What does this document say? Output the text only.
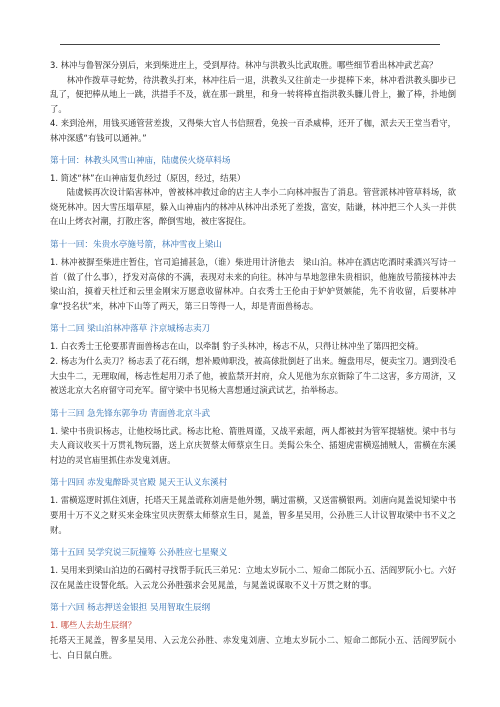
3. 林冲与鲁智深分别后，来到柴进庄上，受到厚待。林冲与洪教头比武取胜。哪些细节看出林冲武艺高？

林冲作拨草寻蛇势，待洪教头打来，林冲往后一退，洪教头又往前走一步提棒下来，林冲看洪教头脚步已乱了，便把棒从地上一跳，洪措手不及，就在那一跳里，和身一转将棒直指洪教头臁儿骨上，撇了棒，扑地倒了。

4. 来到沧州，用钱买通管营差拨，又得柴大官人书信照看，免挨一百杀威棒，还开了枷，派去天王堂当看守，林冲深感“有钱可以通神。”

第十回：林教头风雪山神庙，陆虞侯火烧草料场

1. 简述“林”在山神庙复仇经过（原因，经过，结果）

陆虞候再次设计陷害林冲，曾被林冲救过命的店主人李小二向林冲报告了消息。管营派林冲管草料场，欲烧死林冲。因大雪压塌草屋，躲入山神庙内的林冲从林冲出杀死了差拨，富安，陆谦，林冲把三个人头一并供在山上烤衣衬潮，打散庄客，醉倒雪地，被庄客捉住。

第十一回：朱贵水亭施号箭，林冲雪夜上梁山

1. 林冲被摒至柴进庄暂住，官司追捕甚急，（谁）柴进用计济他去　梁山泊。林冲在酒店吃酒时乘酒兴写诗一首（做了什么事），抒发对高俅的不满，表现对未来的向往。林冲与旱地忽律朱贵相识，他施放号箭接林冲去梁山泊，摸着天杜迁和云里金刚宋万愿意收留林冲。白衣秀士王伦由于妒妒贤嫉能，先不肯收留，后要林冲拿“投名状”来，林冲下山等了两天，第三日等得一人，却是青面兽杨志。

第十二回 梁山泊林冲落草 汴京城杨志卖刀

1. 白衣秀士王伦要那青面兽杨志在山，以牵制 豹子头林冲，杨志不从，只得让林冲坐了第四把交椅。

2. 杨志为什么卖刀？杨志丢了花石纲，想补殿帅职没，被高俅批倒赶了出来。缠盘用尽，便卖宝刀。遇到没毛大虫牛二，无理取闹，杨志性起用刀杀了他，被监禁开封府，众人见他为东京衙除了牛二这害，多方周济，又被送北京大名府留守司充军。留守梁中书见杨大喜想通过演武试艺，抬举杨志。

第十三回 急先锋东郭争功 青面兽北京斗武

1. 梁中书贵识杨志，让他校场比武。杨志比枪、箭胜周谨，又战平索超，两人都被封为管军提辖使。梁中书与夫人商议收买十万贯礼物玩器，送上京庆贺蔡太师蔡京生日。美髯公朱仝、插翅虎雷横巡捕贼人，雷横在东溪村边的灵官庙里抓住赤发鬼刘唐。

第十四回 赤发鬼醉卧灵官殿 晁天王认义东溪村

1. 雷横巡逻时抓住刘唐，托塔天王晁盖谎称刘唐是他外甥，瞒过雷横，又送雷横银两。刘唐向晁盖说知梁中书要用十万不义之财买来金珠宝贝庆贺蔡太师蔡京生日，晁盖，智多星吴用，公孙胜三人计议智取梁中书不义之财。

第十五回 吴学究说三阮撞筹 公孙胜应七星聚义

1. 吴用来到梁山泊边的石碣村寻找帮手阮氏三弟兄：立地太岁阮小二、短命二郎阮小五、活阎罗阮小七。六好汉在晁盖庄设誓化纸。入云龙公孙胜强求会见晁盖，与晁盖说谋取不义十万贯之财的事。

第十六回 杨志押送金银担 吴用智取生辰纲

1. 哪些人去劫生辰纲？

托塔天王晁盖，智多星吴用、入云龙公孙胜、赤发鬼刘唐、立地太岁阮小二、短命二郎阮小五、活阎罗阮小七、白日鼠白胜。
